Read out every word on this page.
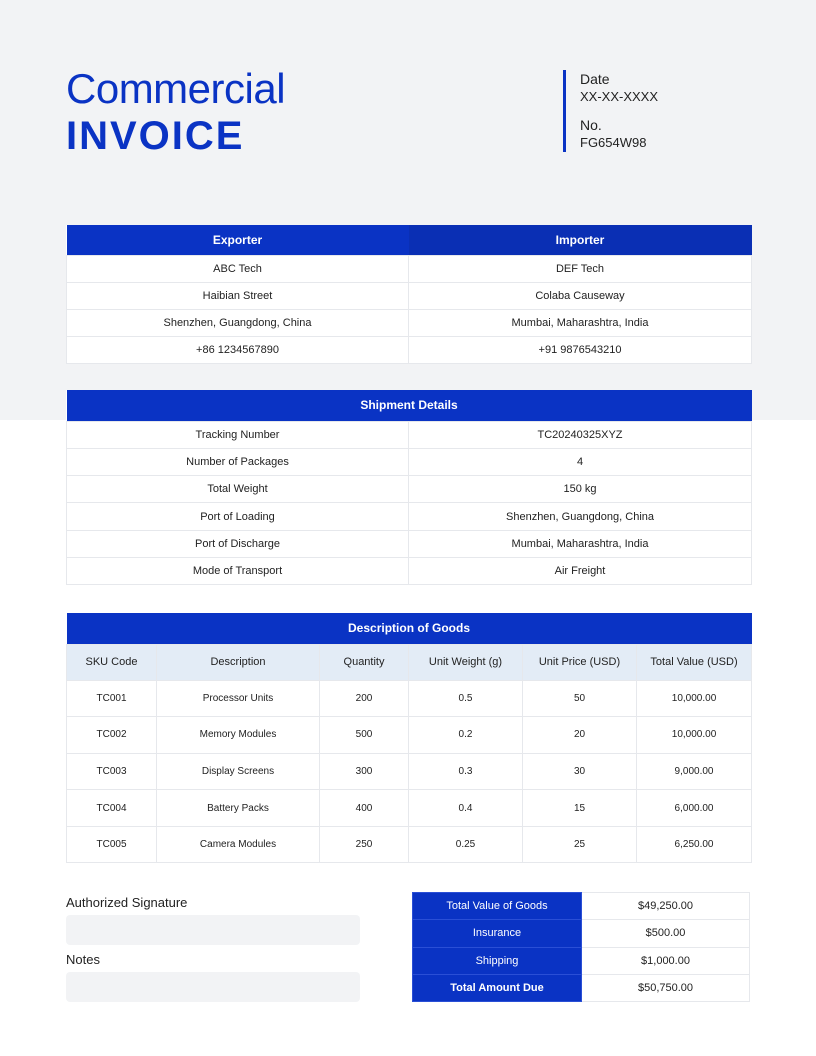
Commercial
INVOICE
Date
XX-XX-XXXX
No.
FG654W98
Exporter	Importer
ABC Tech	DEF Tech
Haibian Street	Colaba Causeway
Shenzhen, Guangdong, China	Mumbai, Maharashtra, India
+86 1234567890	+91 9876543210
Shipment Details	
Tracking Number	TC20240325XYZ
Number of Packages	4
Total Weight	150 kg
Port of Loading	Shenzhen, Guangdong, China
Port of Discharge	Mumbai, Maharashtra, India
Mode of Transport	Air Freight
Description of Goods					
SKU Code	Description	Quantity	Unit Weight (g)	Unit Price (USD)	Total Value (USD)
TC001	Processor Units	200	0.5	50	10,000.00
TC002	Memory Modules	500	0.2	20	10,000.00
TC003	Display Screens	300	0.3	30	9,000.00
TC004	Battery Packs	400	0.4	15	6,000.00
TC005	Camera Modules	250	0.25	25	6,250.00
Authorized Signature
Notes
Total Value of Goods	$49,250.00
Insurance	$500.00
Shipping	$1,000.00
Total Amount Due	$50,750.00
